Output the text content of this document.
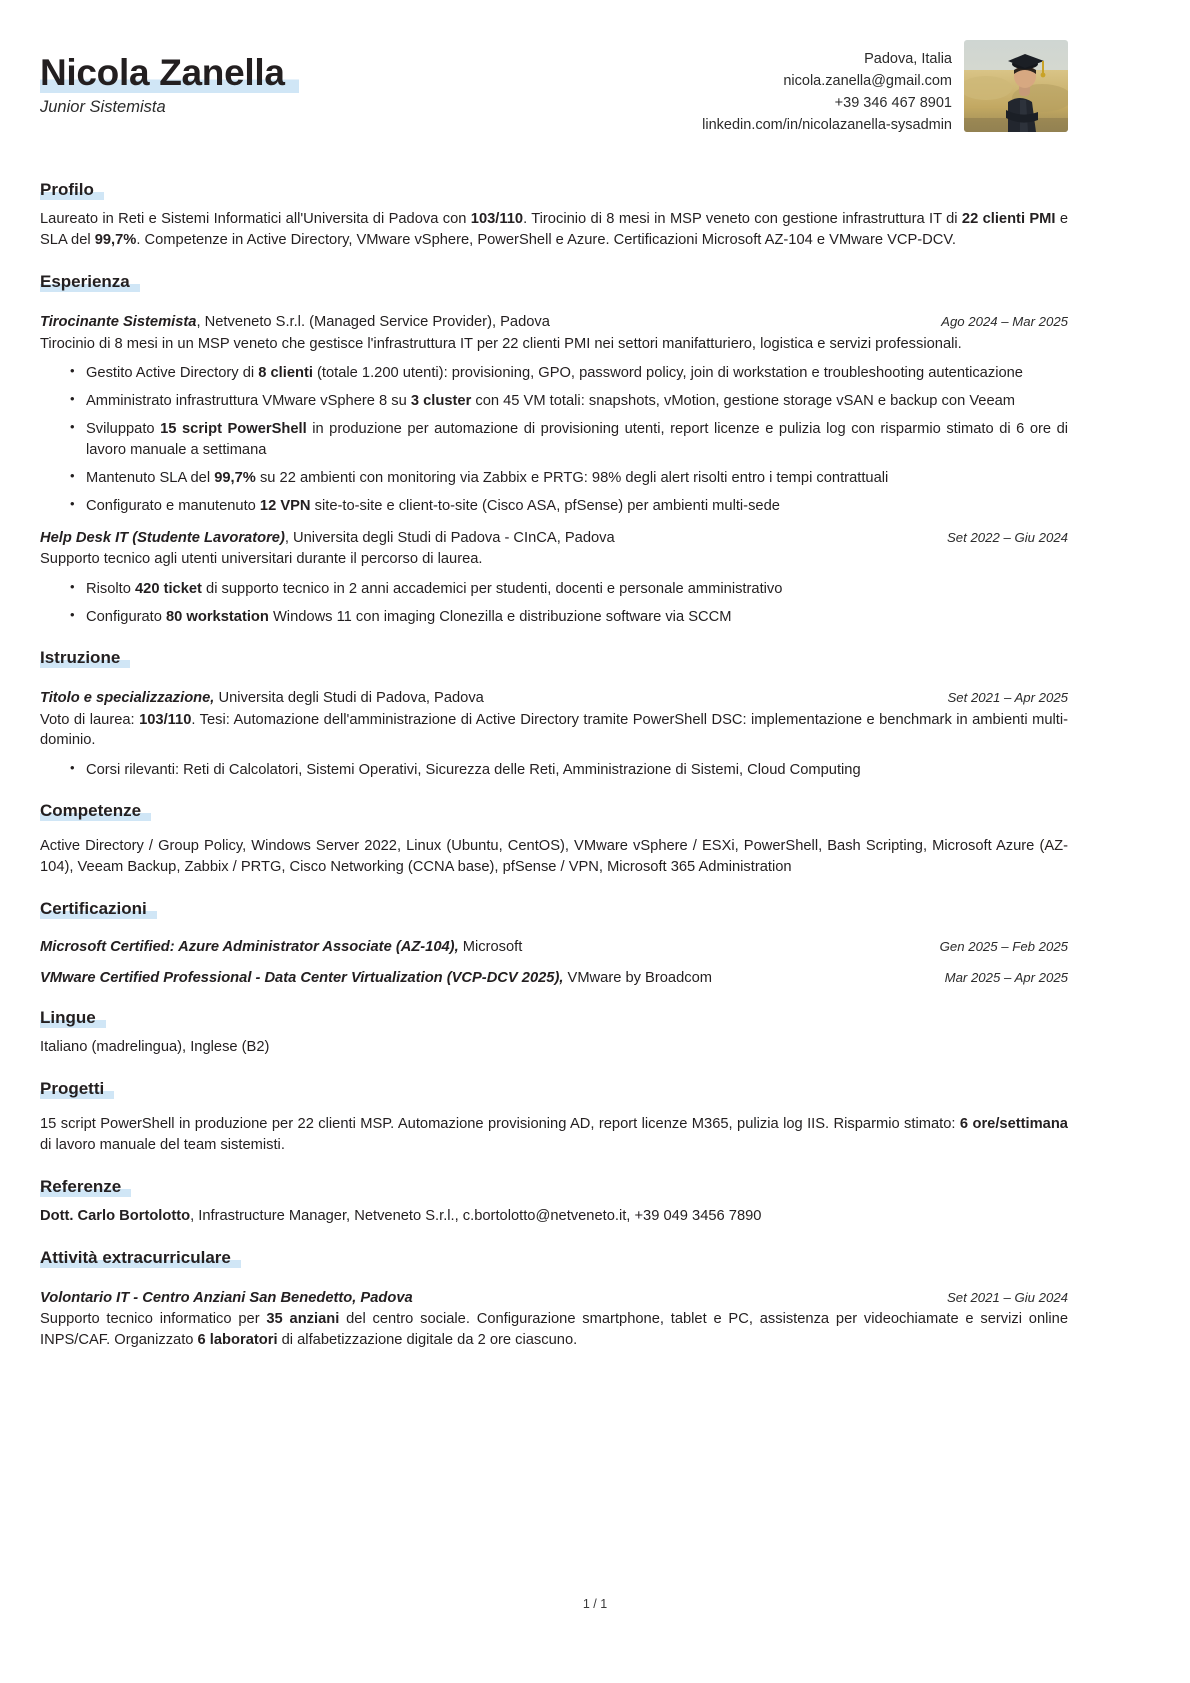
Nicola Zanella

Junior Sistemista

Padova, Italia
nicola.zanella@gmail.com
+39 346 467 8901
linkedin.com/in/nicolazanella-sysadmin
Profilo

Laureato in Reti e Sistemi Informatici all'Universita di Padova con 103/110. Tirocinio di 8 mesi in MSP veneto con gestione infrastruttura IT di 22 clienti PMI e SLA del 99,7%. Competenze in Active Directory, VMware vSphere, PowerShell e Azure. Certificazioni Microsoft AZ-104 e VMware VCP-DCV.

Esperienza
Tirocinante Sistemista, Netveneto S.r.l. (Managed Service Provider), Padova	Ago 2024 – Mar 2025

Tirocinio di 8 mesi in un MSP veneto che gestisce l'infrastruttura IT per 22 clienti PMI nei settori manifatturiero, logistica e servizi professionali.

• Gestito Active Directory di 8 clienti (totale 1.200 utenti): provisioning, GPO, password policy, join di workstation e troubleshooting autenticazione
• Amministrato infrastruttura VMware vSphere 8 su 3 cluster con 45 VM totali: snapshots, vMotion, gestione storage vSAN e backup con Veeam
• Sviluppato 15 script PowerShell in produzione per automazione di provisioning utenti, report licenze e pulizia log con risparmio stimato di 6 ore di lavoro manuale a settimana
• Mantenuto SLA del 99,7% su 22 ambienti con monitoring via Zabbix e PRTG: 98% degli alert risolti entro i tempi contrattuali
• Configurato e manutenuto 12 VPN site-to-site e client-to-site (Cisco ASA, pfSense) per ambienti multi-sede
Help Desk IT (Studente Lavoratore), Universita degli Studi di Padova - CInCA, Padova	Set 2022 – Giu 2024

Supporto tecnico agli utenti universitari durante il percorso di laurea.

• Risolto 420 ticket di supporto tecnico in 2 anni accademici per studenti, docenti e personale amministrativo
• Configurato 80 workstation Windows 11 con imaging Clonezilla e distribuzione software via SCCM
Istruzione
Titolo e specializzazione, Universita degli Studi di Padova, Padova	Set 2021 – Apr 2025

Voto di laurea: 103/110. Tesi: Automazione dell'amministrazione di Active Directory tramite PowerShell DSC: implementazione e benchmark in ambienti multi-dominio.

• Corsi rilevanti: Reti di Calcolatori, Sistemi Operativi, Sicurezza delle Reti, Amministrazione di Sistemi, Cloud Computing
Competenze

Active Directory / Group Policy, Windows Server 2022, Linux (Ubuntu, CentOS), VMware vSphere / ESXi, PowerShell, Bash Scripting, Microsoft Azure (AZ-104), Veeam Backup, Zabbix / PRTG, Cisco Networking (CCNA base), pfSense / VPN, Microsoft 365 Administration

Certificazioni
Microsoft Certified: Azure Administrator Associate (AZ-104), Microsoft	Gen 2025 – Feb 2025
VMware Certified Professional - Data Center Virtualization (VCP-DCV 2025), VMware by Broadcom	Mar 2025 – Apr 2025
Lingue

Italiano (madrelingua), Inglese (B2)

Progetti

15 script PowerShell in produzione per 22 clienti MSP. Automazione provisioning AD, report licenze M365, pulizia log IIS. Risparmio stimato: 6 ore/settimana di lavoro manuale del team sistemisti.

Referenze

Dott. Carlo Bortolotto, Infrastructure Manager, Netveneto S.r.l., c.bortolotto@netveneto.it, +39 049 3456 7890

Attività extracurriculare
Volontario IT - Centro Anziani San Benedetto, Padova	Set 2021 – Giu 2024

Supporto tecnico informatico per 35 anziani del centro sociale. Configurazione smartphone, tablet e PC, assistenza per videochiamate e servizi online INPS/CAF. Organizzato 6 laboratori di alfabetizzazione digitale da 2 ore ciascuno.

1 / 1
